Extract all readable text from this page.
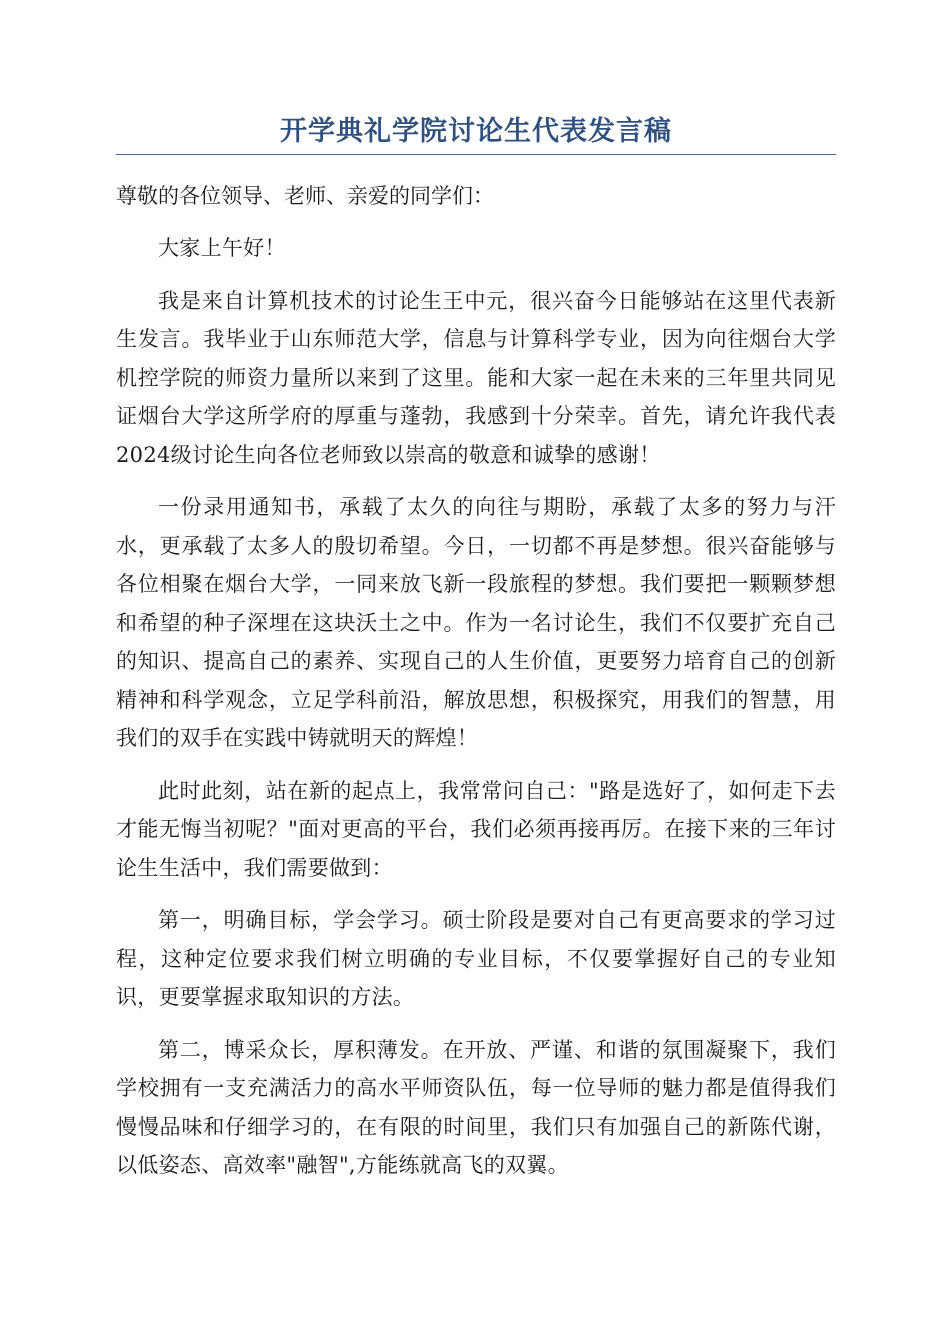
开学典礼学院讨论生代表发言稿

尊敬的各位领导、老师、亲爱的同学们：

大家上午好！

我是来自计算机技术的讨论生王中元，很兴奋今日能够站在这里代表新生发言。我毕业于山东师范大学，信息与计算科学专业，因为向往烟台大学机控学院的师资力量所以来到了这里。能和大家一起在未来的三年里共同见证烟台大学这所学府的厚重与蓬勃，我感到十分荣幸。首先，请允许我代表2024级讨论生向各位老师致以崇高的敬意和诚挚的感谢！

一份录用通知书，承载了太久的向往与期盼，承载了太多的努力与汗水，更承载了太多人的殷切希望。今日，一切都不再是梦想。很兴奋能够与各位相聚在烟台大学，一同来放飞新一段旅程的梦想。我们要把一颗颗梦想和希望的种子深埋在这块沃土之中。作为一名讨论生，我们不仅要扩充自己的知识、提高自己的素养、实现自己的人生价值，更要努力培育自己的创新精神和科学观念，立足学科前沿，解放思想，积极探究，用我们的智慧，用我们的双手在实践中铸就明天的辉煌！

此时此刻，站在新的起点上，我常常问自己："路是选好了，如何走下去才能无悔当初呢？"面对更高的平台，我们必须再接再厉。在接下来的三年讨论生生活中，我们需要做到：

第一，明确目标，学会学习。硕士阶段是要对自己有更高要求的学习过程，这种定位要求我们树立明确的专业目标，不仅要掌握好自己的专业知识，更要掌握求取知识的方法。

第二，博采众长，厚积薄发。在开放、严谨、和谐的氛围凝聚下，我们学校拥有一支充满活力的高水平师资队伍，每一位导师的魅力都是值得我们慢慢品味和仔细学习的，在有限的时间里，我们只有加强自己的新陈代谢，以低姿态、高效率"融智",方能练就高飞的双翼。
